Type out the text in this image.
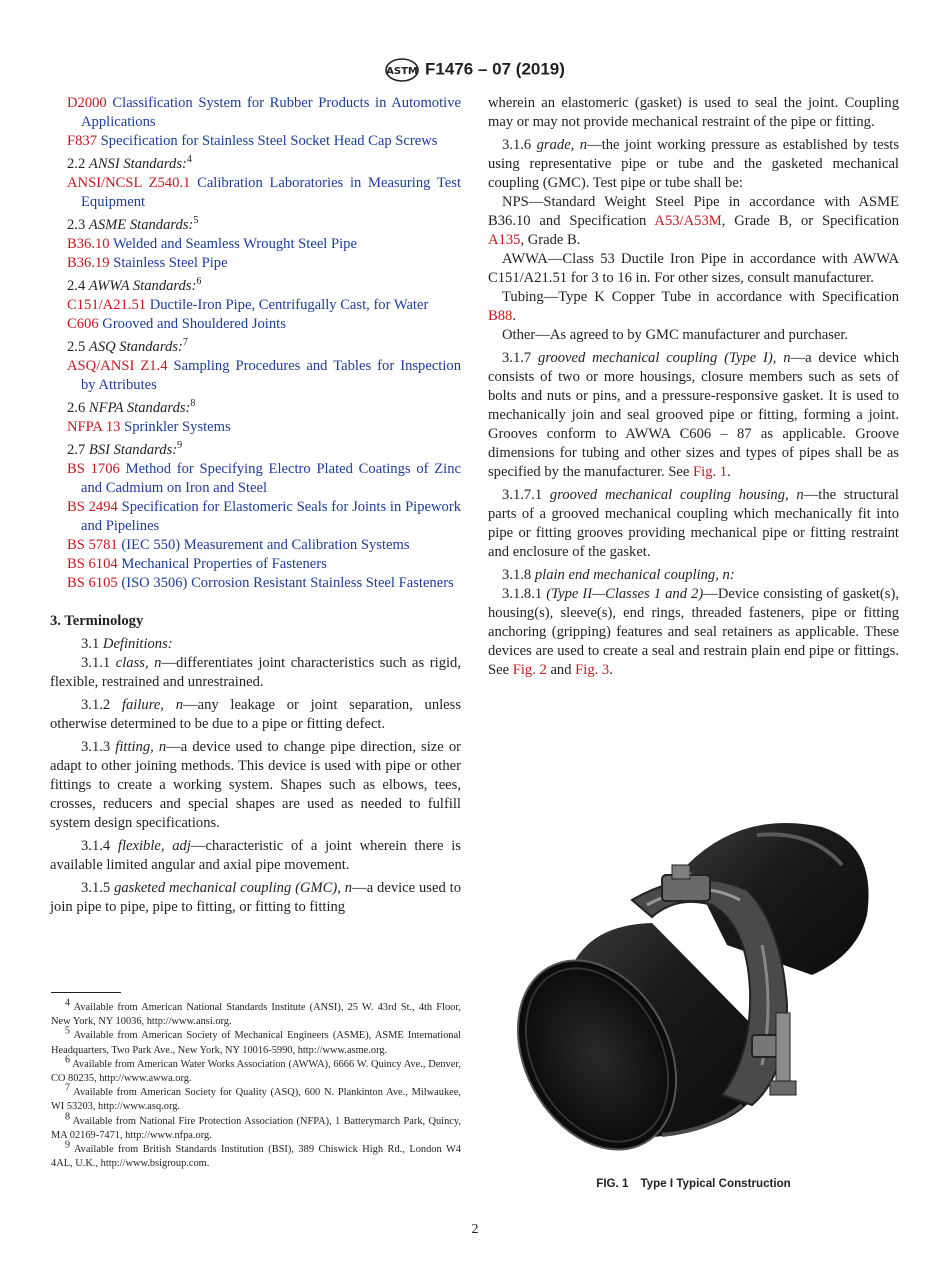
ASTM F1476 – 07 (2019)

D2000 Classification System for Rubber Products in Automotive Applications

F837 Specification for Stainless Steel Socket Head Cap Screws

2.2 ANSI Standards:$^4$

ANSI/NCSL Z540.1 Calibration Laboratories in Measuring Test Equipment

2.3 ASME Standards:$^5$

B36.10 Welded and Seamless Wrought Steel Pipe

B36.19 Stainless Steel Pipe

2.4 AWWA Standards:$^6$

C151/A21.51 Ductile-Iron Pipe, Centrifugally Cast, for Water

C606 Grooved and Shouldered Joints

2.5 ASQ Standards:$^7$

ASQ/ANSI Z1.4 Sampling Procedures and Tables for Inspection by Attributes

2.6 NFPA Standards:$^8$

NFPA 13 Sprinkler Systems

2.7 BSI Standards:$^9$

BS 1706 Method for Specifying Electro Plated Coatings of Zinc and Cadmium on Iron and Steel

BS 2494 Specification for Elastomeric Seals for Joints in Pipework and Pipelines

BS 5781 (IEC 550) Measurement and Calibration Systems

BS 6104 Mechanical Properties of Fasteners

BS 6105 (ISO 3506) Corrosion Resistant Stainless Steel Fasteners

3. Terminology

3.1 Definitions:

3.1.1 class, n—differentiates joint characteristics such as rigid, flexible, restrained and unrestrained.

3.1.2 failure, n—any leakage or joint separation, unless otherwise determined to be due to a pipe or fitting defect.

3.1.3 fitting, n—a device used to change pipe direction, size or adapt to other joining methods. This device is used with pipe or other fittings to create a working system. Shapes such as elbows, tees, crosses, reducers and special shapes are used as needed to fulfill system design specifications.

3.1.4 flexible, adj—characteristic of a joint wherein there is available limited angular and axial pipe movement.

3.1.5 gasketed mechanical coupling (GMC), n—a device used to join pipe to pipe, pipe to fitting, or fitting to fitting

wherein an elastomeric (gasket) is used to seal the joint. Coupling may or may not provide mechanical restraint of the pipe or fitting.

3.1.6 grade, n—the joint working pressure as established by tests using representative pipe or tube and the gasketed mechanical coupling (GMC). Test pipe or tube shall be:

NPS—Standard Weight Steel Pipe in accordance with ASME B36.10 and Specification A53/A53M, Grade B, or Specification A135, Grade B.

AWWA—Class 53 Ductile Iron Pipe in accordance with AWWA C151/A21.51 for 3 to 16 in. For other sizes, consult manufacturer.

Tubing—Type K Copper Tube in accordance with Specification B88.

Other—As agreed to by GMC manufacturer and purchaser.

3.1.7 grooved mechanical coupling (Type I), n—a device which consists of two or more housings, closure members such as sets of bolts and nuts or pins, and a pressure-responsive gasket. It is used to mechanically join and seal grooved pipe or fitting, forming a joint. Grooves conform to AWWA C606 – 87 as applicable. Groove dimensions for tubing and other sizes and types of pipes shall be as specified by the manufacturer. See Fig. 1.

3.1.7.1 grooved mechanical coupling housing, n—the structural parts of a grooved mechanical coupling which mechanically fit into pipe or fitting grooves providing mechanical pipe or fitting restraint and enclosure of the gasket.

3.1.8 plain end mechanical coupling, n:

3.1.8.1 (Type II—Classes 1 and 2)—Device consisting of gasket(s), housing(s), sleeve(s), end rings, threaded fasteners, pipe or fitting anchoring (gripping) features and seal retainers as applicable. These devices are used to create a seal and restrain plain end pipe or fittings. See Fig. 2 and Fig. 3.

FIG. 1 Type I Typical Construction

$^4$ Available from American National Standards Institute (ANSI), 25 W. 43rd St., 4th Floor, New York, NY 10036, http://www.ansi.org.

$^5$ Available from American Society of Mechanical Engineers (ASME), ASME International Headquarters, Two Park Ave., New York, NY 10016-5990, http://www.asme.org.

$^6$ Available from American Water Works Association (AWWA), 6666 W. Quincy Ave., Denver, CO 80235, http://www.awwa.org.

$^7$ Available from American Society for Quality (ASQ), 600 N. Plankinton Ave., Milwaukee, WI 53203, http://www.asq.org.

$^8$ Available from National Fire Protection Association (NFPA), 1 Batterymarch Park, Quincy, MA 02169-7471, http://www.nfpa.org.

$^9$ Available from British Standards Institution (BSI), 389 Chiswick High Rd., London W4 4AL, U.K., http://www.bsigroup.com.

2
